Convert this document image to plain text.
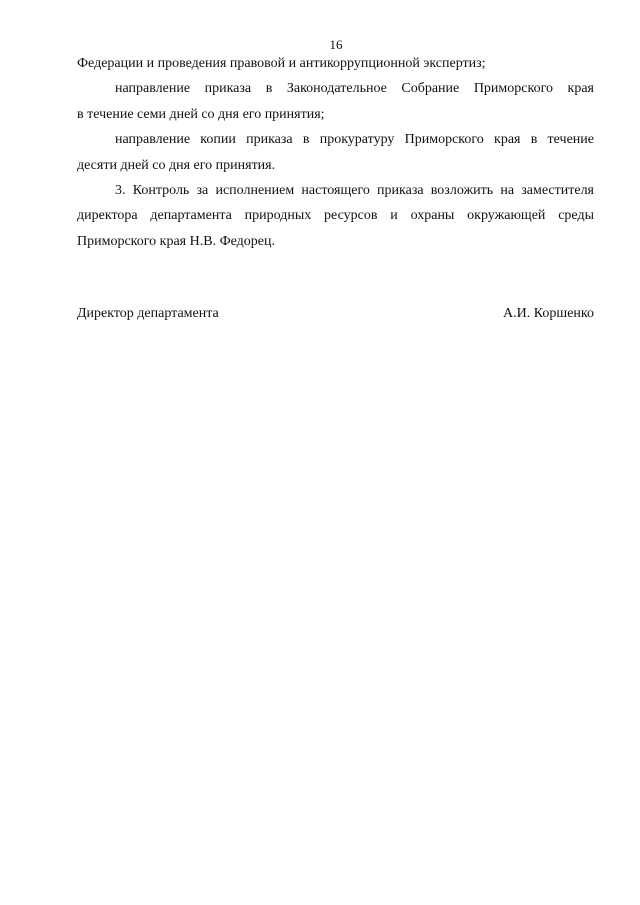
16

Федерации и проведения правовой и антикоррупционной экспертиз;

направление приказа в Законодательное Собрание Приморского края
в течение семи дней со дня его принятия;

направление копии приказа в прокуратуру Приморского края в течение
десяти дней со дня его принятия.

3. Контроль за исполнением настоящего приказа возложить на заместителя
директора департамента природных ресурсов и охраны окружающей среды
Приморского края Н.В. Федорец.

Директор департамента	А.И. Коршенко
